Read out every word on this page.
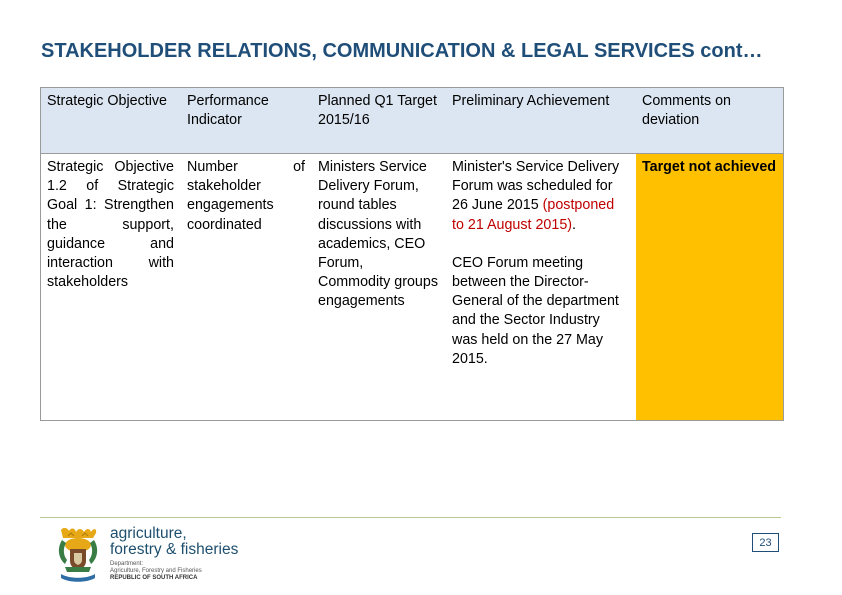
STAKEHOLDER RELATIONS, COMMUNICATION & LEGAL SERVICES cont…
Strategic Objective	Performance Indicator	Planned Q1 Target 2015/16	Preliminary Achievement	Comments on deviation
Strategic Objective 1.2 of Strategic Goal 1: Strengthen the support, guidance and interaction with stakeholders	Number of stakeholder engagements coordinated	Ministers Service Delivery Forum, round tables discussions with academics, CEO Forum, Commodity groups engagements	Minister's Service Delivery Forum was scheduled for 26 June 2015 (postponed to 21 August 2015).
CEO Forum meeting between the Director-General of the department and the Sector Industry was held on the 27 May 2015.	Target not achieved
agriculture,
forestry & fisheries
Department:
Agriculture, Forestry and Fisheries
REPUBLIC OF SOUTH AFRICA
23
